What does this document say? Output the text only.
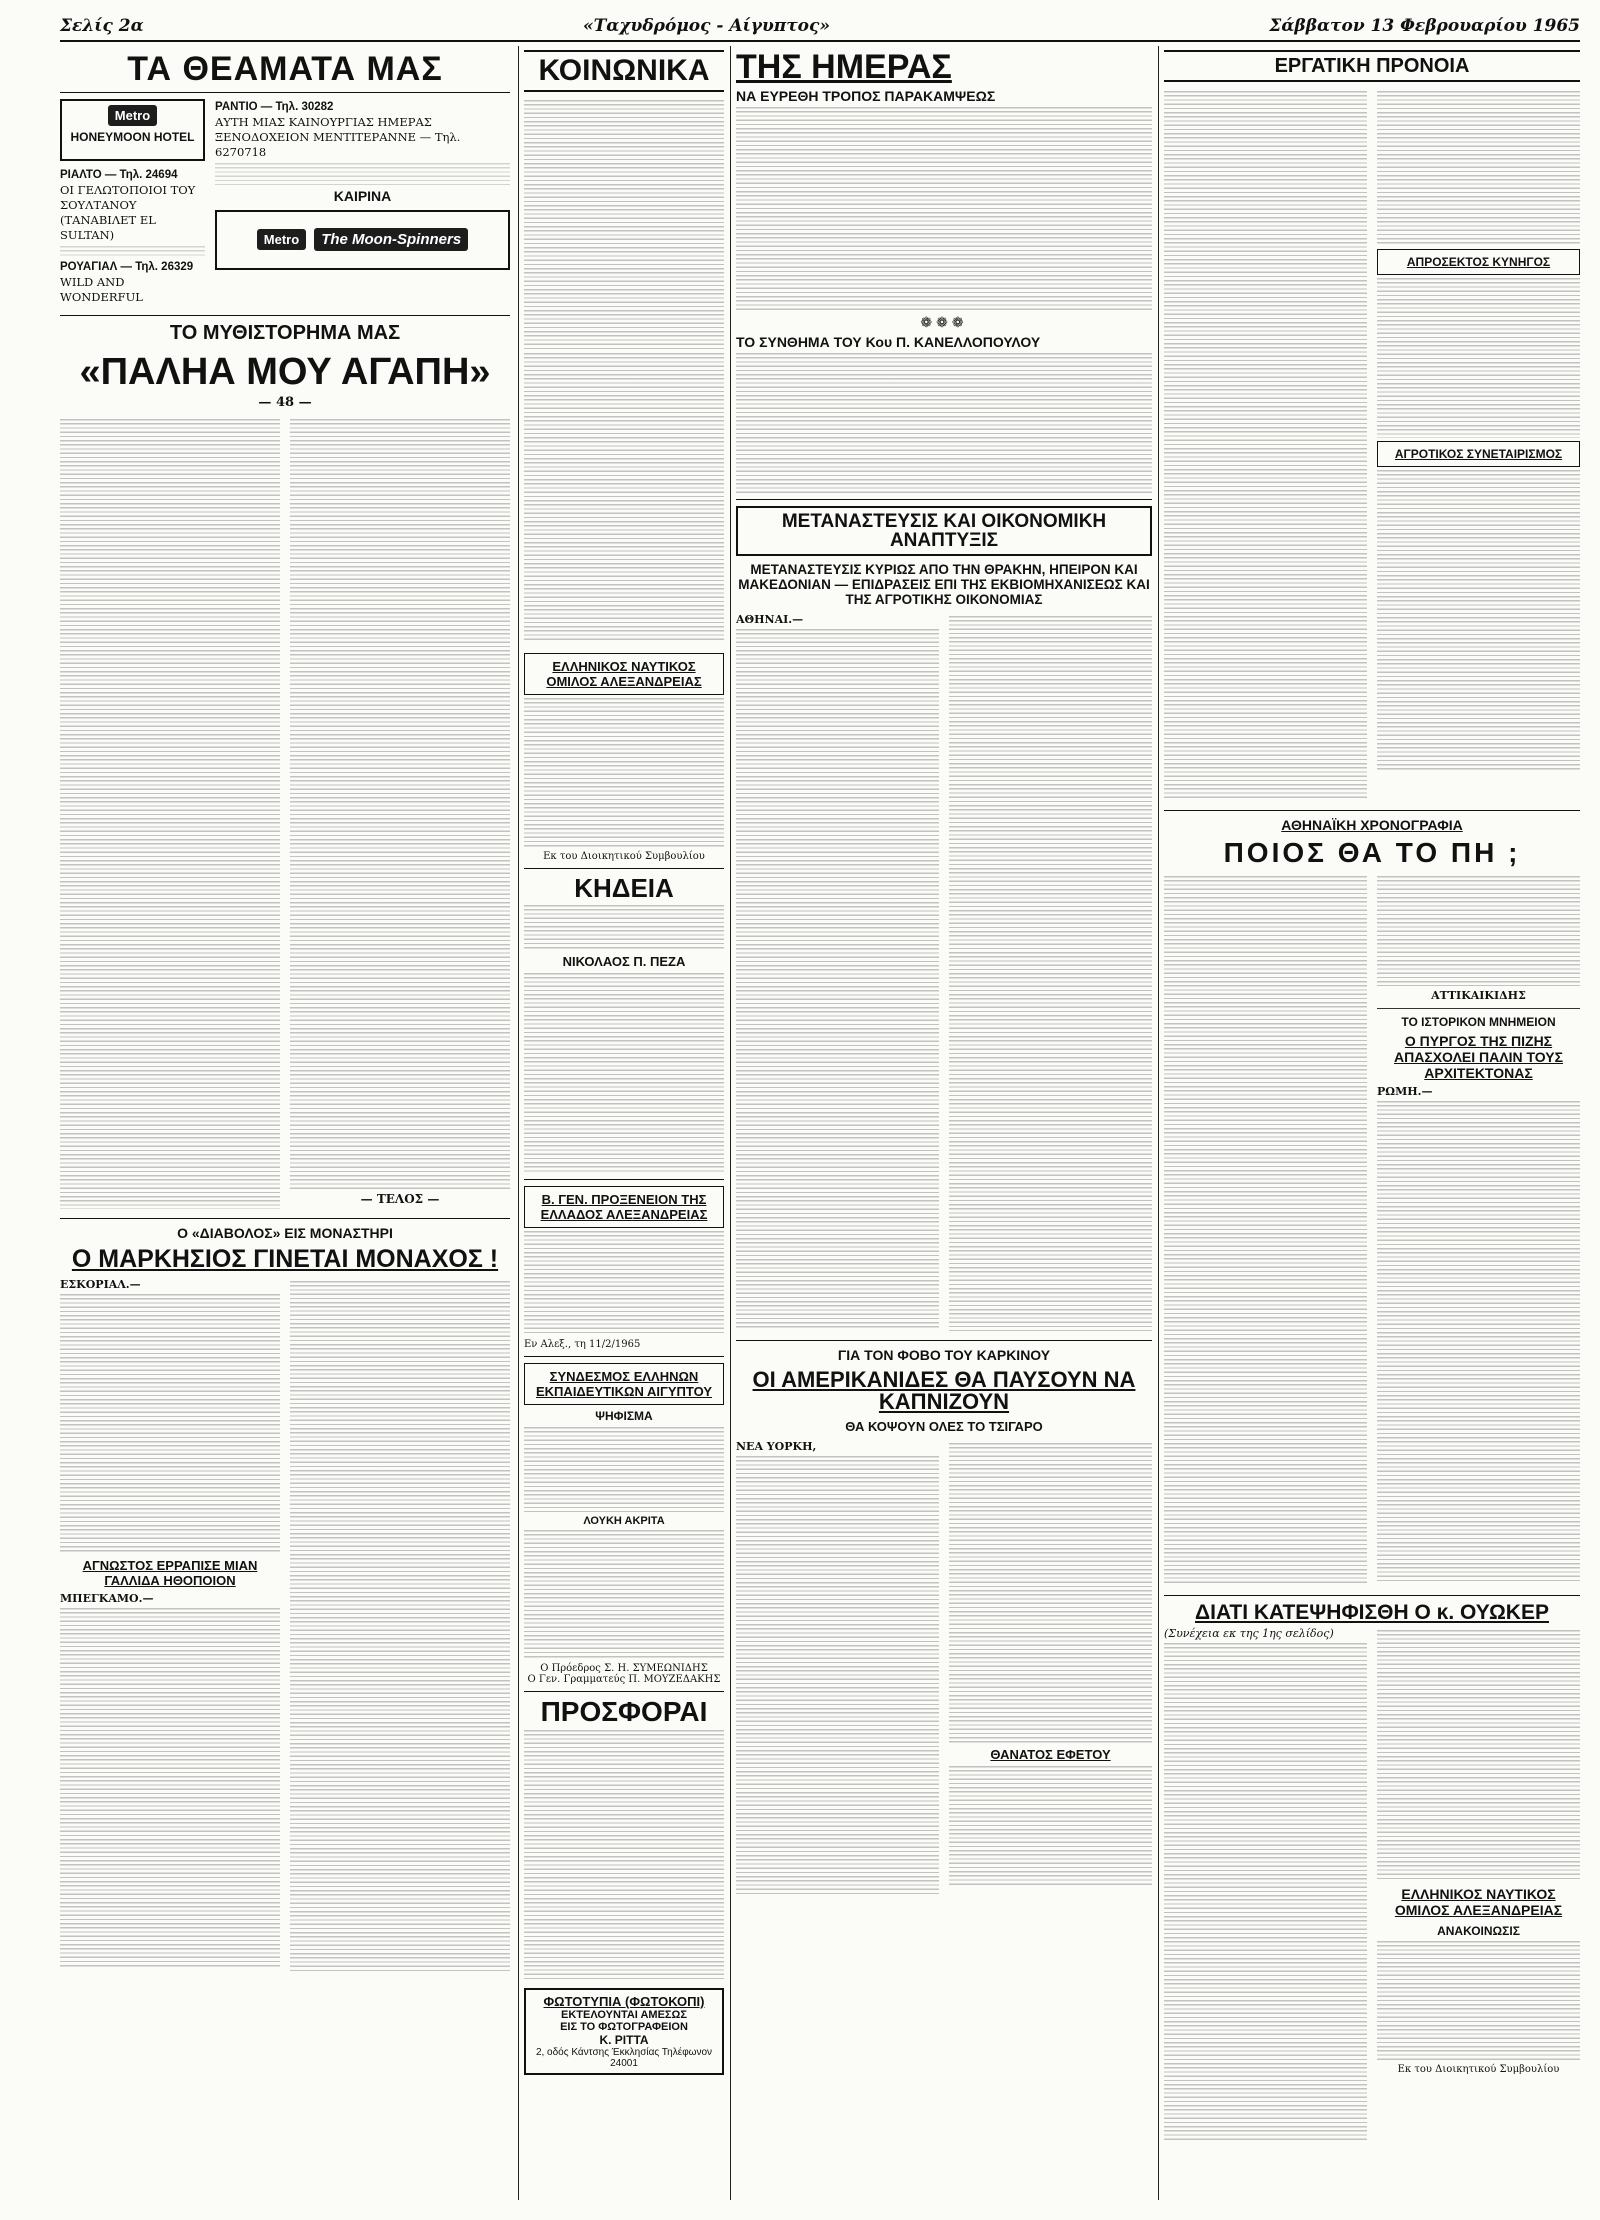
Σελίς 2α	«Ταχυδρόμος - Αίγυπτος»	Σάββατον 13 Φεβρουαρίου 1965
ΤΑ ΘΕΑΜΑΤΑ ΜΑΣ
Metro
HONEYMOON HOTEL
ΡΙΑΛΤΟ — Τηλ. 24694
ΟΙ ΓΕΛΩΤΟΠΟΙΟΙ ΤΟΥ ΣΟΥΛΤΑΝΟΥ (ΤΑΝΑΒΙΛΕΤ EL SULTAN)
ΡΟΥΑΓΙΑΛ — Τηλ. 26329
WILD AND WONDERFUL
ΡΑΝΤΙΟ — Τηλ. 30282
ΑΥΤΗ ΜΙΑΣ ΚΑΙΝΟΥΡΓΙΑΣ ΗΜΕΡΑΣ
ΞΕΝΟΔΟΧΕΙΟΝ ΜΕΝΤΙΤΕΡΑΝΝΕ — Τηλ. 6270718
ΚΑΙΡΙΝΑ
Metro	The Moon-Spinners
ΤΟ ΜΥΘΙΣΤΟΡΗΜΑ ΜΑΣ
«ΠΑΛΗΑ ΜΟΥ ΑΓΑΠΗ»
— 48 —
— ΤΕΛΟΣ —
Ο «ΔΙΑΒΟΛΟΣ» ΕΙΣ ΜΟΝΑΣΤΗΡΙ
Ο ΜΑΡΚΗΣΙΟΣ ΓΙΝΕΤΑΙ ΜΟΝΑΧΟΣ !
ΕΣΚΟΡΙΑΛ.—
ΑΓΝΩΣΤΟΣ ΕΡΡΑΠΙΣΕ ΜΙΑΝ ΓΑΛΛΙΔΑ ΗΘΟΠΟΙΟΝ
ΜΠΕΓΚΑΜΟ.—
ΚΟΙΝΩΝΙΚΑ
ΕΛΛΗΝΙΚΟΣ ΝΑΥΤΙΚΟΣ ΟΜΙΛΟΣ ΑΛΕΞΑΝΔΡΕΙΑΣ
Εκ του Διοικητικού Συμβουλίου
ΚΗΔΕΙΑ
ΝΙΚΟΛΑΟΣ Π. ΠΕΖΑ
Β. ΓΕΝ. ΠΡΟΞΕΝΕΙΟΝ ΤΗΣ ΕΛΛΑΔΟΣ ΑΛΕΞΑΝΔΡΕΙΑΣ
Εν Αλεξ., τη 11/2/1965
ΣΥΝΔΕΣΜΟΣ ΕΛΛΗΝΩΝ ΕΚΠΑΙΔΕΥΤΙΚΩΝ ΑΙΓΥΠΤΟΥ
ΨΗΦΙΣΜΑ
ΛΟΥΚΗ ΑΚΡΙΤΑ
Ο Πρόεδρος Σ. Η. ΣΥΜΕΩΝΙΔΗΣ
Ο Γεν. Γραμματεύς Π. ΜΟΥΖΕΔΑΚΗΣ
ΠΡΟΣΦΟΡΑΙ
ΦΩΤΟΤΥΠΙΑ (ΦΩΤΟΚΟΠΙ)
ΕΚΤΕΛΟΥΝΤΑΙ ΑΜΕΣΩΣ
ΕΙΣ ΤΟ ΦΩΤΟΓΡΑΦΕΙΟΝ
Κ. ΡΙΤΤΑ
2, οδός Κάντσης Έκκλησίας Τηλέφωνον 24001
ΤΗΣ ΗΜΕΡΑΣ
ΝΑ ΕΥΡΕΘΗ ΤΡΟΠΟΣ ΠΑΡΑΚΑΜΨΕΩΣ
❁❁❁
ΤΟ ΣΥΝΘΗΜΑ ΤΟΥ Κου Π. ΚΑΝΕΛΛΟΠΟΥΛΟΥ
ΜΕΤΑΝΑΣΤΕΥΣΙΣ ΚΑΙ ΟΙΚΟΝΟΜΙΚΗ ΑΝΑΠΤΥΞΙΣ
ΜΕΤΑΝΑΣΤΕΥΣΙΣ ΚΥΡΙΩΣ ΑΠΟ ΤΗΝ ΘΡΑΚΗΝ, ΗΠΕΙΡΟΝ ΚΑΙ ΜΑΚΕΔΟΝΙΑΝ — ΕΠΙΔΡΑΣΕΙΣ ΕΠΙ ΤΗΣ ΕΚΒΙΟΜΗΧΑΝΙΣΕΩΣ ΚΑΙ ΤΗΣ ΑΓΡΟΤΙΚΗΣ ΟΙΚΟΝΟΜΙΑΣ
ΑΘΗΝΑΙ.—
ΓΙΑ ΤΟΝ ΦΟΒΟ ΤΟΥ ΚΑΡΚΙΝΟΥ
ΟΙ ΑΜΕΡΙΚΑΝΙΔΕΣ ΘΑ ΠΑΥΣΟΥΝ ΝΑ ΚΑΠΝΙΖΟΥΝ
ΘΑ ΚΟΨΟΥΝ ΟΛΕΣ ΤΟ ΤΣΙΓΑΡΟ
ΝΕΑ ΥΟΡΚΗ,
ΘΑΝΑΤΟΣ ΕΦΕΤΟΥ
ΕΡΓΑΤΙΚΗ ΠΡΟΝΟΙΑ
ΑΠΡΟΣΕΚΤΟΣ ΚΥΝΗΓΟΣ
ΑΓΡΟΤΙΚΟΣ ΣΥΝΕΤΑΙΡΙΣΜΟΣ
ΑΘΗΝΑΪΚΗ ΧΡΟΝΟΓΡΑΦΙΑ
ΠΟΙΟΣ ΘΑ ΤΟ ΠΗ ;
ΑΤΤΙΚΑΙΚΙΔΗΣ
ΤΟ ΙΣΤΟΡΙΚΟΝ ΜΝΗΜΕΙΟΝ
Ο ΠΥΡΓΟΣ ΤΗΣ ΠΙΖΗΣ ΑΠΑΣΧΟΛΕΙ ΠΑΛΙΝ ΤΟΥΣ ΑΡΧΙΤΕΚΤΟΝΑΣ
ΡΩΜΗ.—
ΔΙΑΤΙ ΚΑΤΕΨΗΦΙΣΘΗ Ο κ. ΟΥΩΚΕΡ
(Συνέχεια εκ της 1ης σελίδος)
ΕΛΛΗΝΙΚΟΣ ΝΑΥΤΙΚΟΣ ΟΜΙΛΟΣ ΑΛΕΞΑΝΔΡΕΙΑΣ
ΑΝΑΚΟΙΝΩΣΙΣ
Εκ του Διοικητικού Συμβουλίου
